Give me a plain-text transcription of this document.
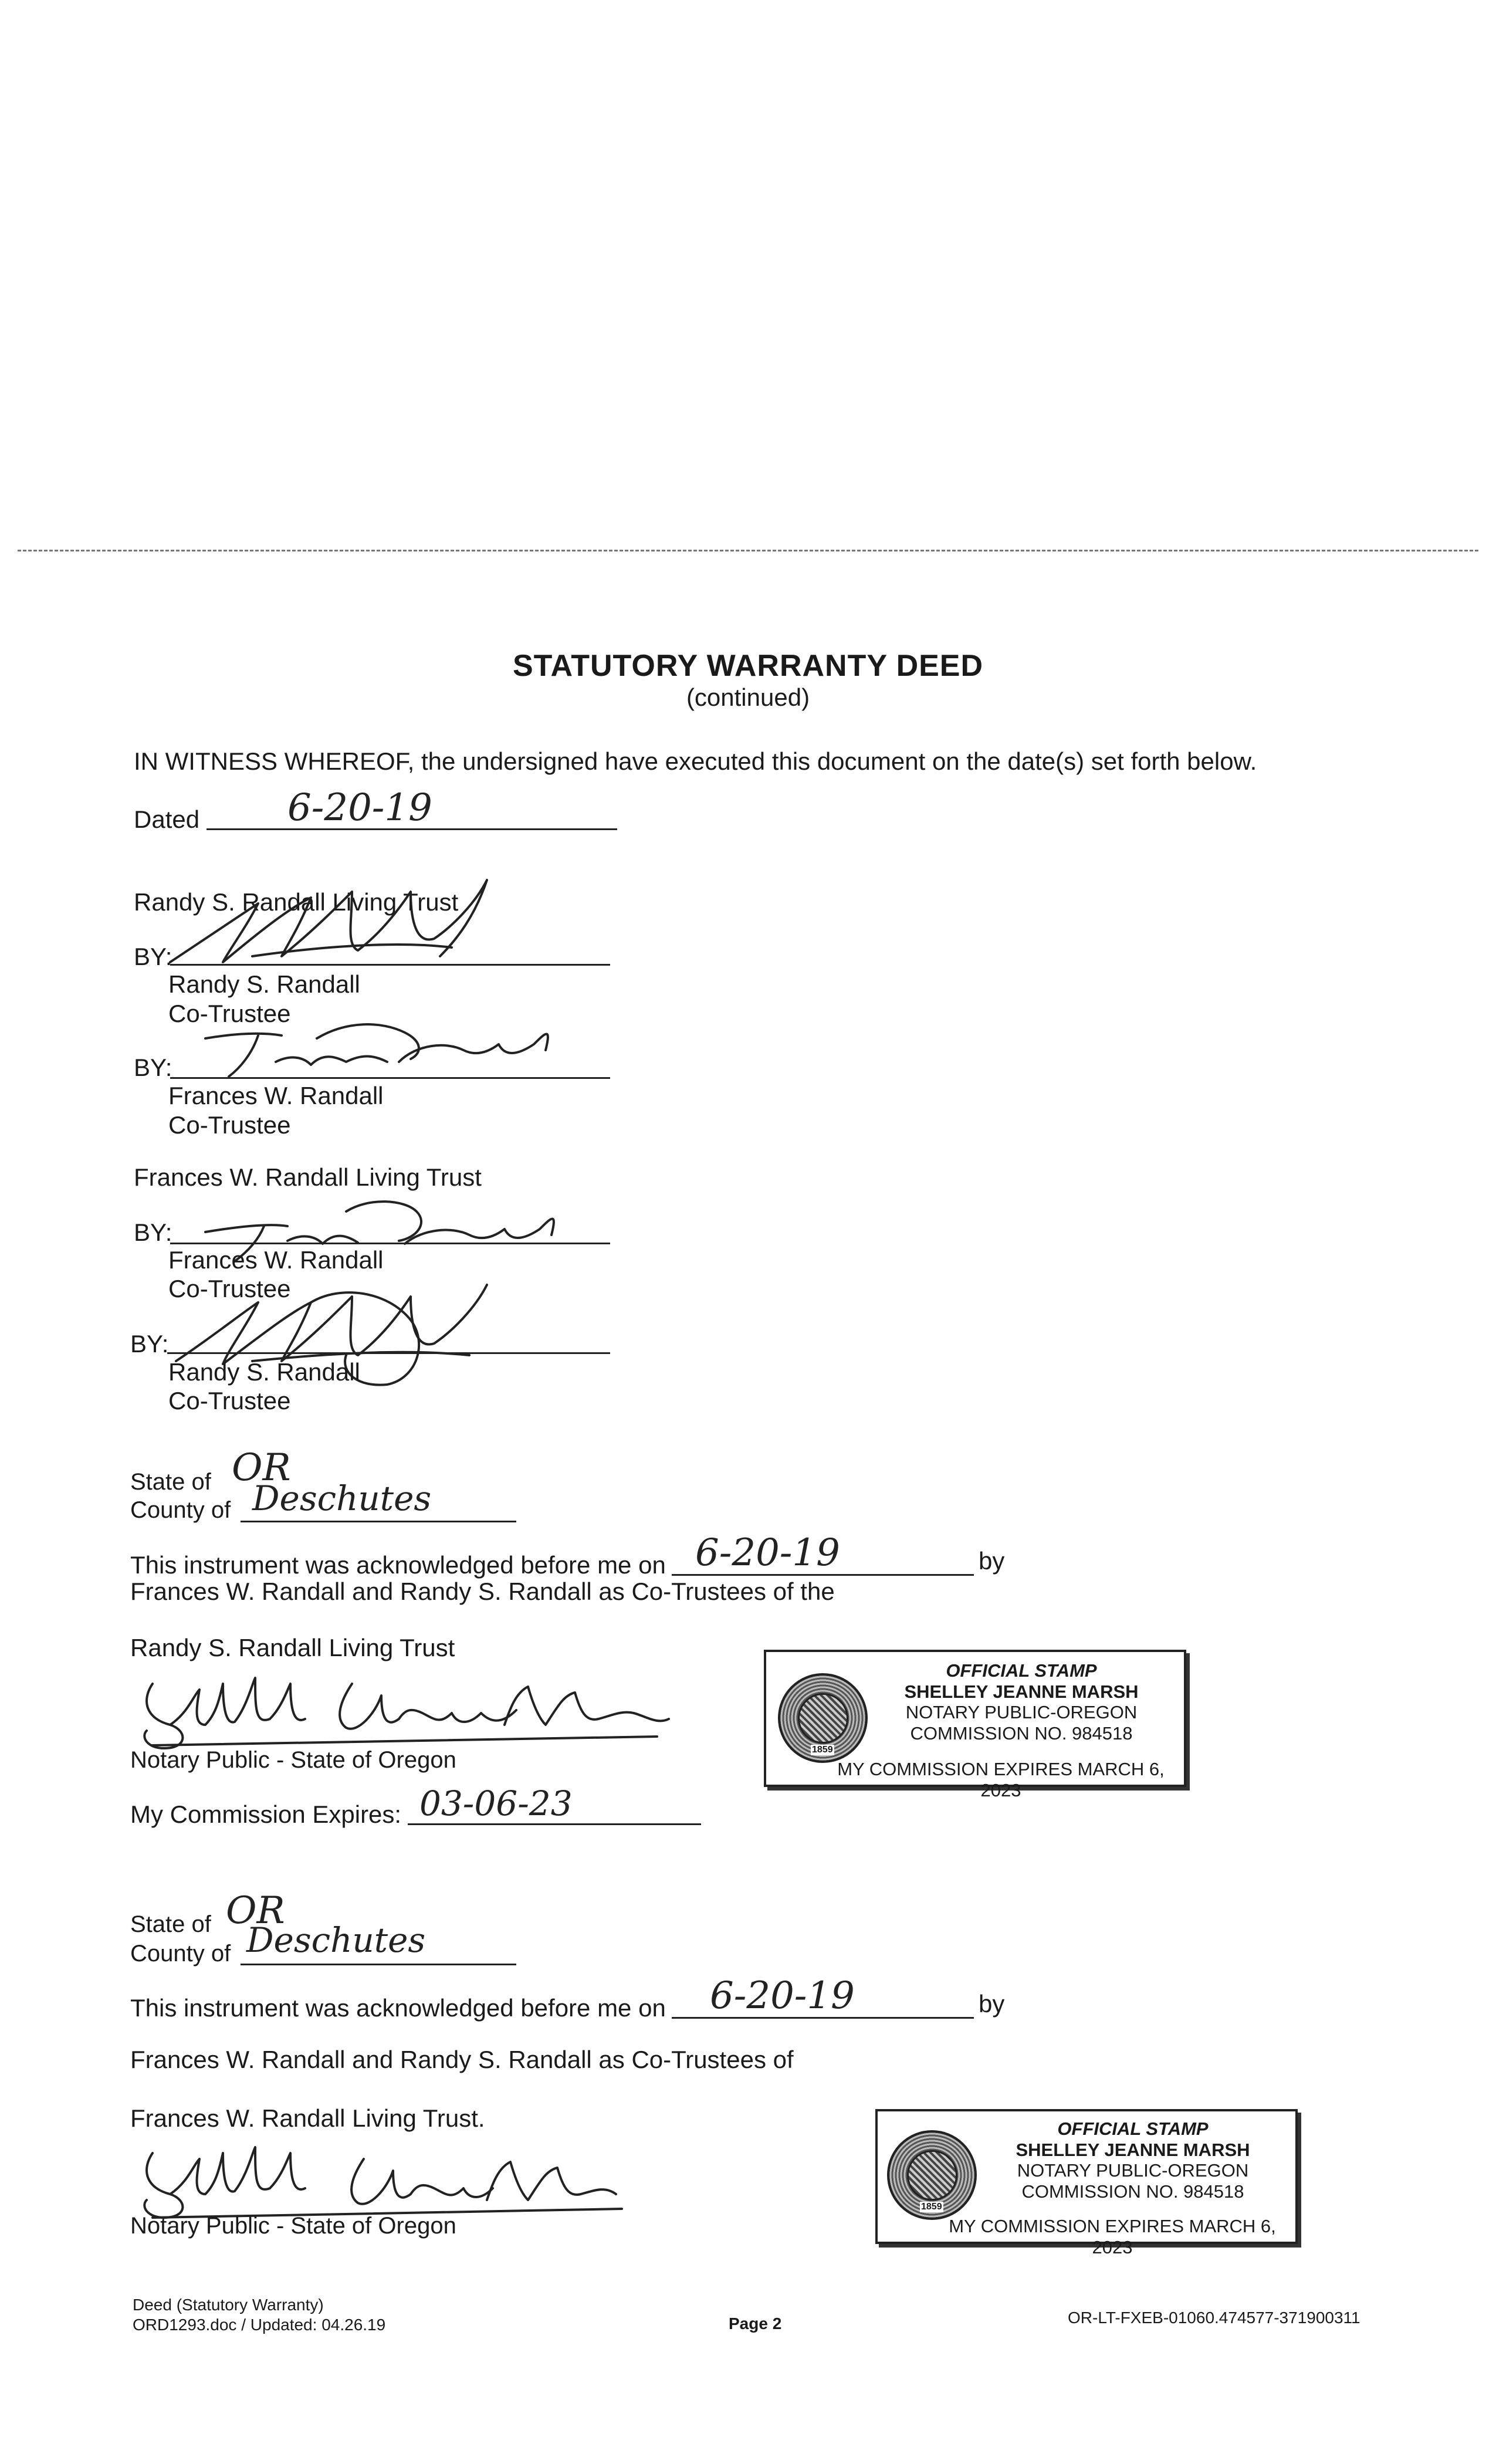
STATUTORY WARRANTY DEED
(continued)
IN WITNESS WHEREOF, the undersigned have executed this document on the date(s) set forth below.
Dated 6-20-19
Randy S. Randall Living Trust
BY:
Randy S. Randall
Co-Trustee
BY:
Frances W. Randall
Co-Trustee
Frances W. Randall Living Trust
BY:
Frances W. Randall
Co-Trustee
BY:
Randy S. Randall
Co-Trustee
State of OR
County of Deschutes
This instrument was acknowledged before me on 6-20-19	by
Frances W. Randall and Randy S. Randall as Co-Trustees of the
Randy S. Randall Living Trust
Notary Public - State of Oregon
My Commission Expires: 03-06-23
1859
OFFICIAL STAMP
SHELLEY JEANNE MARSH
NOTARY PUBLIC-OREGON
COMMISSION NO. 984518
MY COMMISSION EXPIRES MARCH 6, 2023
State of OR
County of Deschutes
This instrument was acknowledged before me on 6-20-19	by
Frances W. Randall and Randy S. Randall as Co-Trustees of
Frances W. Randall Living Trust.
Notary Public - State of Oregon
1859
OFFICIAL STAMP
SHELLEY JEANNE MARSH
NOTARY PUBLIC-OREGON
COMMISSION NO. 984518
MY COMMISSION EXPIRES MARCH 6, 2023
Deed (Statutory Warranty)
ORD1293.doc / Updated: 04.26.19	Page 2	OR-LT-FXEB-01060.474577-371900311
